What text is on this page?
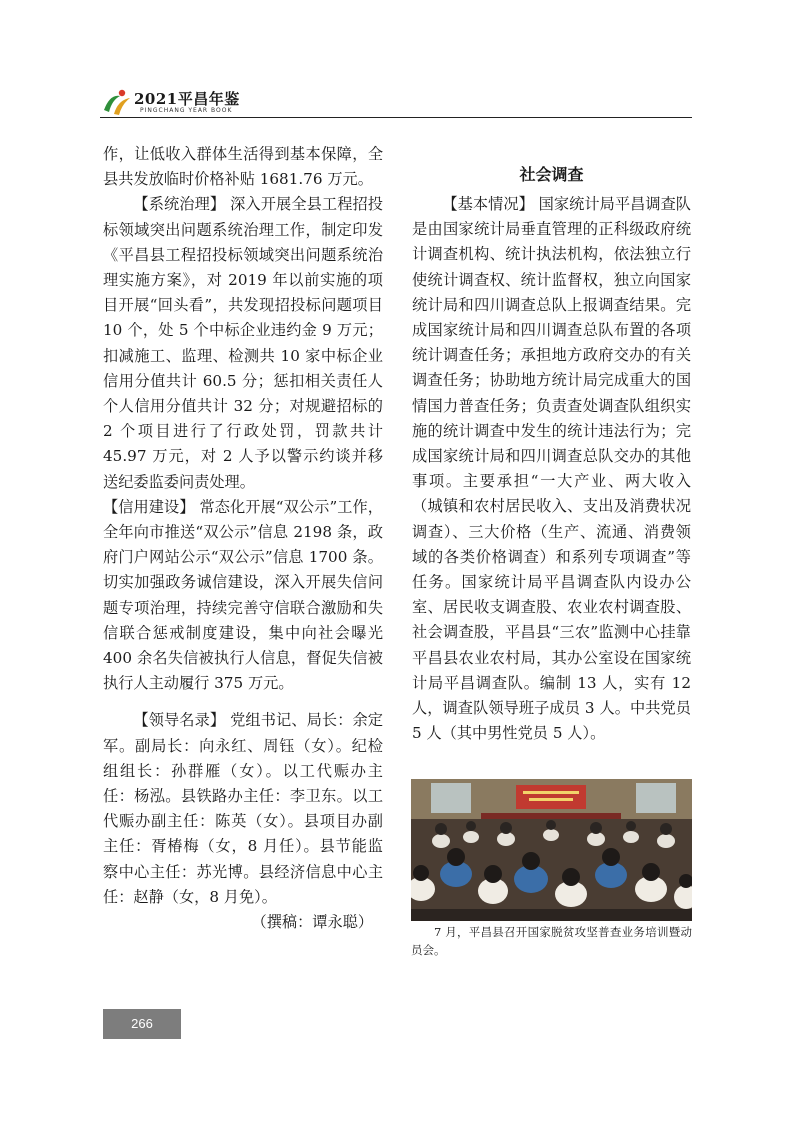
2021平昌年鉴
PINGCHANG YEAR BOOK

作，让低收入群体生活得到基本保障，全县共发放临时价格补贴 1681.76 万元。

【系统治理】 深入开展全县工程招投标领域突出问题系统治理工作，制定印发《平昌县工程招投标领域突出问题系统治理实施方案》，对 2019 年以前实施的项目开展“回头看”，共发现招投标问题项目 10 个，处 5 个中标企业违约金 9 万元；扣减施工、监理、检测共 10 家中标企业信用分值共计 60.5 分；惩扣相关责任人个人信用分值共计 32 分；对规避招标的 2 个项目进行了行政处罚，罚款共计 45.97 万元，对 2 人予以警示约谈并移送纪委监委问责处理。

【信用建设】 常态化开展“双公示”工作，全年向市推送“双公示”信息 2198 条，政府门户网站公示“双公示”信息 1700 条。切实加强政务诚信建设，深入开展失信问题专项治理，持续完善守信联合激励和失信联合惩戒制度建设，集中向社会曝光 400 余名失信被执行人信息，督促失信被执行人主动履行 375 万元。

【领导名录】 党组书记、局长：余定军。副局长：向永红、周钰（女）。纪检组组长：孙群雁（女）。以工代赈办主任：杨泓。县铁路办主任：李卫东。以工代赈办副主任：陈英（女）。县项目办副主任：胥椿梅（女，8 月任）。县节能监察中心主任：苏光博。县经济信息中心主任：赵静（女，8 月免）。

（撰稿：谭永聪）

社会调查

【基本情况】 国家统计局平昌调查队是由国家统计局垂直管理的正科级政府统计调查机构、统计执法机构，依法独立行使统计调查权、统计监督权，独立向国家统计局和四川调查总队上报调查结果。完成国家统计局和四川调查总队布置的各项统计调查任务；承担地方政府交办的有关调查任务；协助地方统计局完成重大的国情国力普查任务；负责查处调查队组织实施的统计调查中发生的统计违法行为；完成国家统计局和四川调查总队交办的其他事项。主要承担“一大产业、两大收入（城镇和农村居民收入、支出及消费状况调查）、三大价格（生产、流通、消费领域的各类价格调查）和系列专项调查”等任务。国家统计局平昌调查队内设办公室、居民收支调查股、农业农村调查股、社会调查股，平昌县“三农”监测中心挂靠平昌县农业农村局，其办公室设在国家统计局平昌调查队。编制 13 人，实有 12 人，调查队领导班子成员 3 人。中共党员 5 人（其中男性党员 5 人）。

7 月，平昌县召开国家脱贫攻坚普查业务培训暨动员会。

266
